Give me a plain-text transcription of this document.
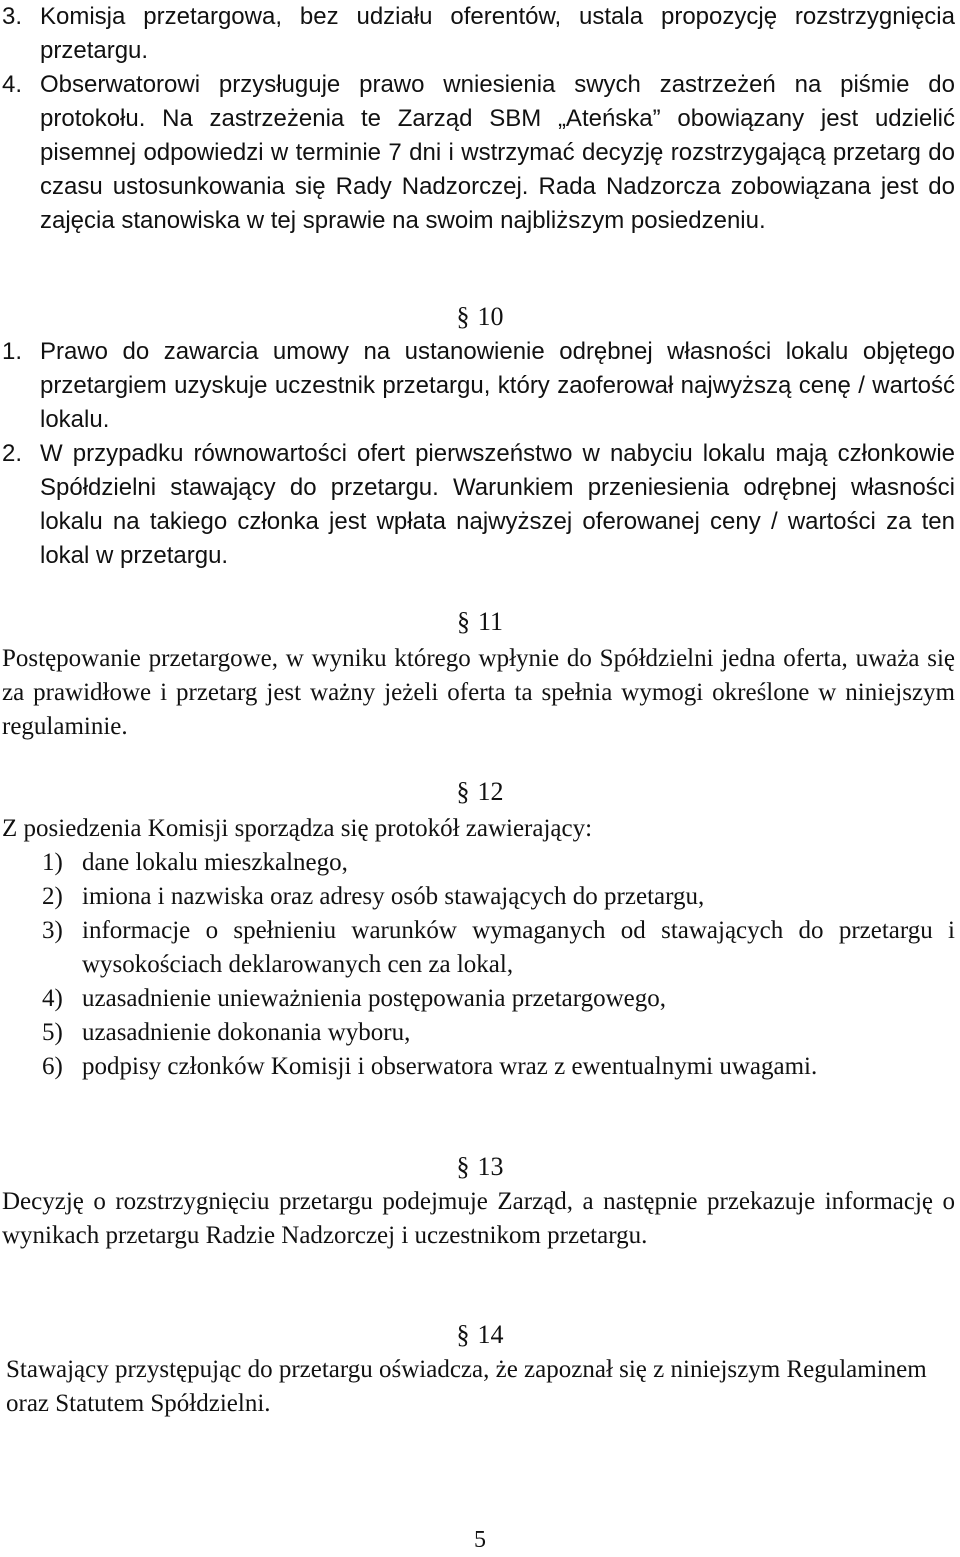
3. Komisja przetargowa, bez udziału oferentów, ustala propozycję rozstrzygnięcia przetargu.
4. Obserwatorowi przysługuje prawo wniesienia swych zastrzeżeń na piśmie do protokołu. Na zastrzeżenia te Zarząd SBM „Ateńska” obowiązany jest udzielić pisemnej odpowiedzi w terminie 7 dni i wstrzymać decyzję rozstrzygającą przetarg do czasu ustosunkowania się Rady Nadzorczej. Rada Nadzorcza zobowiązana jest do zajęcia stanowiska w tej sprawie na swoim najbliższym posiedzeniu.
§ 10
1. Prawo do zawarcia umowy na ustanowienie odrębnej własności lokalu objętego przetargiem uzyskuje uczestnik przetargu, który zaoferował najwyższą cenę / wartość lokalu.
2. W przypadku równowartości ofert pierwszeństwo w nabyciu lokalu mają członkowie Spółdzielni stawający do przetargu. Warunkiem przeniesienia odrębnej własności lokalu na takiego członka jest wpłata najwyższej oferowanej ceny / wartości za ten lokal w przetargu.
§ 11
Postępowanie przetargowe, w wyniku którego wpłynie do Spółdzielni jedna oferta, uważa się za prawidłowe i przetarg jest ważny jeżeli oferta ta spełnia wymogi określone w niniejszym regulaminie.
§ 12
Z posiedzenia Komisji sporządza się protokół zawierający:
1) dane lokalu mieszkalnego,
2) imiona i nazwiska oraz adresy osób stawających do przetargu,
3) informacje o spełnieniu warunków wymaganych od stawających do przetargu i wysokościach deklarowanych cen za lokal,
4) uzasadnienie unieważnienia postępowania przetargowego,
5) uzasadnienie dokonania wyboru,
6) podpisy członków Komisji i obserwatora wraz z ewentualnymi uwagami.
§ 13
Decyzję o rozstrzygnięciu przetargu podejmuje Zarząd, a następnie przekazuje informację o wynikach przetargu Radzie Nadzorczej i uczestnikom przetargu.
§ 14
Stawający przystępując do przetargu oświadcza, że zapoznał się z niniejszym Regulaminem oraz Statutem Spółdzielni.
5
